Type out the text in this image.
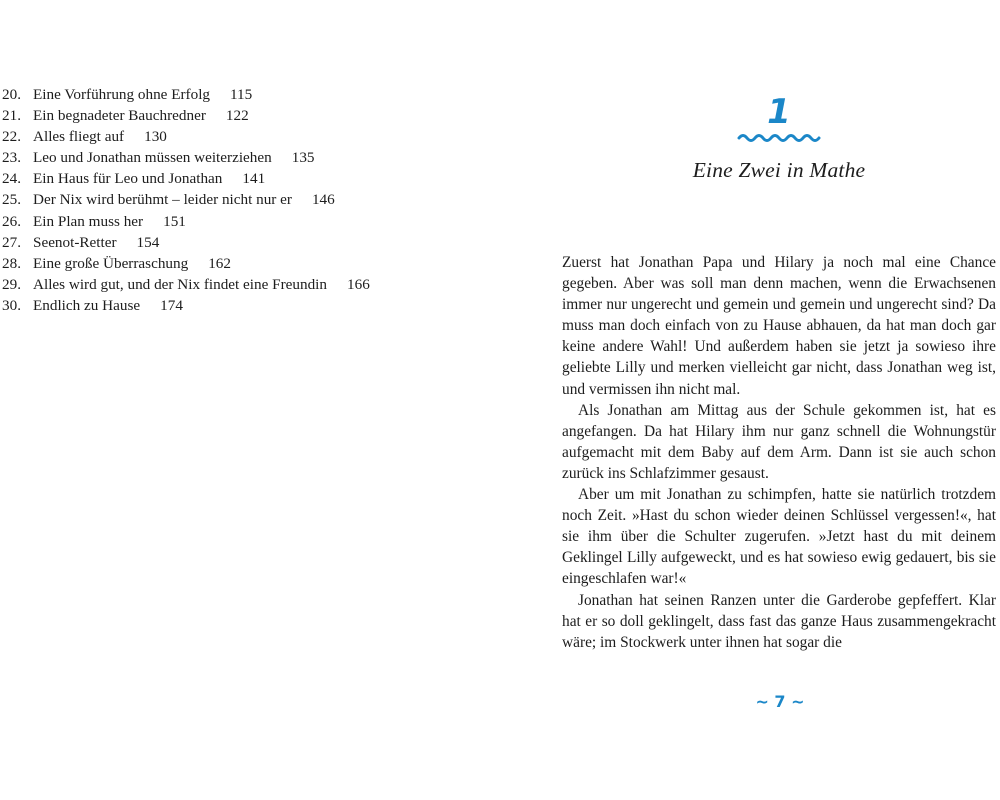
20. Eine Vorführung ohne Erfolg 115
21. Ein begnadeter Bauchredner 122
22. Alles fliegt auf 130
23. Leo und Jonathan müssen weiterziehen 135
24. Ein Haus für Leo und Jonathan 141
25. Der Nix wird berühmt – leider nicht nur er 146
26. Ein Plan muss her 151
27. Seenot-Retter 154
28. Eine große Überraschung 162
29. Alles wird gut, und der Nix findet eine Freundin 166
30. Endlich zu Hause 174
1
Eine Zwei in Mathe

Zuerst hat Jonathan Papa und Hilary ja noch mal eine Chance gegeben. Aber was soll man denn machen, wenn die Erwachsenen immer nur ungerecht und gemein und gemein und ungerecht sind? Da muss man doch einfach von zu Hause abhauen, da hat man doch gar keine andere Wahl! Und außerdem haben sie jetzt ja sowieso ihre geliebte Lilly und merken vielleicht gar nicht, dass Jonathan weg ist, und vermissen ihn nicht mal.

Als Jonathan am Mittag aus der Schule gekommen ist, hat es angefangen. Da hat Hilary ihm nur ganz schnell die Wohnungstür aufgemacht mit dem Baby auf dem Arm. Dann ist sie auch schon zurück ins Schlafzimmer gesaust.

Aber um mit Jonathan zu schimpfen, hatte sie natürlich trotzdem noch Zeit. »Hast du schon wieder deinen Schlüssel vergessen!«, hat sie ihm über die Schulter zugerufen. »Jetzt hast du mit deinem Geklingel Lilly aufgeweckt, und es hat sowieso ewig gedauert, bis sie eingeschlafen war!«

Jonathan hat seinen Ranzen unter die Garderobe gepfeffert. Klar hat er so doll geklingelt, dass fast das ganze Haus zusammengekracht wäre; im Stockwerk unter ihnen hat sogar die

~ 7 ~
